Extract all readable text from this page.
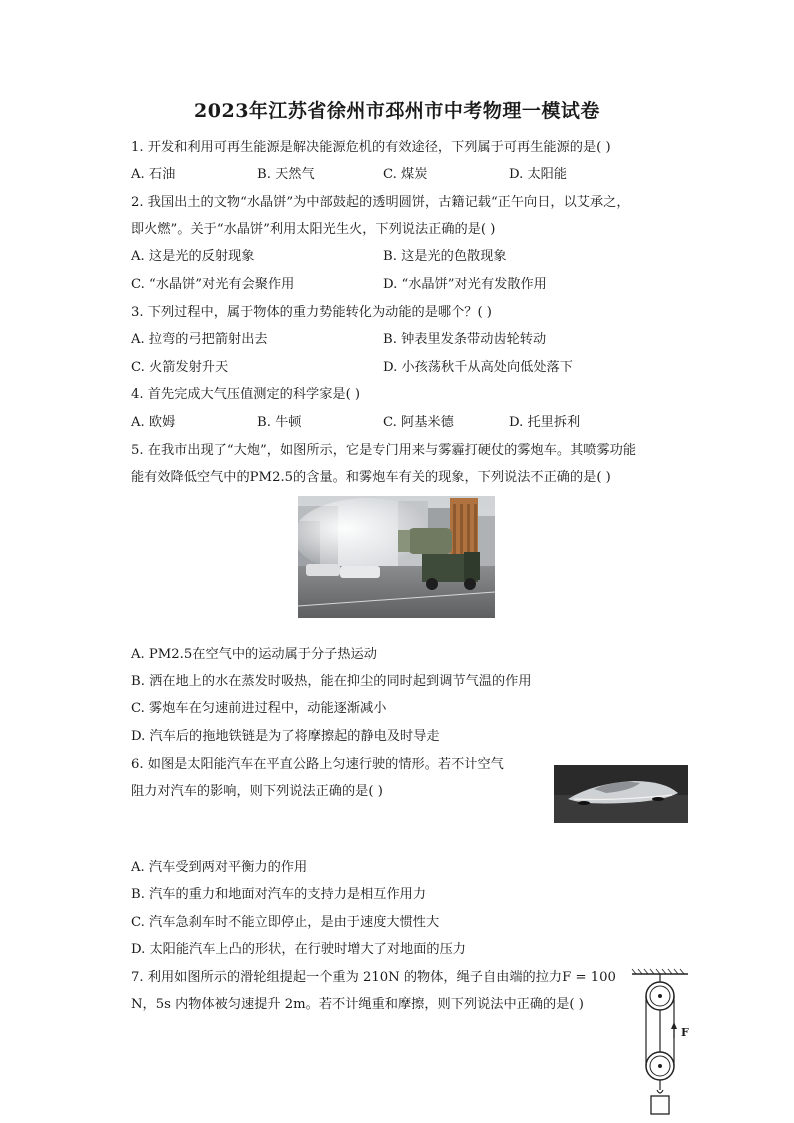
2023年江苏省徐州市邳州市中考物理一模试卷
1. 开发和利用可再生能源是解决能源危机的有效途径，下列属于可再生能源的是( )
A. 石油	B. 天然气	C. 煤炭	D. 太阳能
2. 我国出土的文物“水晶饼”为中部鼓起的透明圆饼，古籍记载“正午向日，以艾承之，
即火燃”。关于“水晶饼”利用太阳光生火，下列说法正确的是( )
A. 这是光的反射现象	B. 这是光的色散现象
C. “水晶饼”对光有会聚作用	D. “水晶饼”对光有发散作用
3. 下列过程中，属于物体的重力势能转化为动能的是哪个？( )
A. 拉弯的弓把箭射出去	B. 钟表里发条带动齿轮转动
C. 火箭发射升天	D. 小孩荡秋千从高处向低处落下
4. 首先完成大气压值测定的科学家是( )
A. 欧姆	B. 牛顿	C. 阿基米德	D. 托里拆利
5. 在我市出现了“大炮”，如图所示，它是专门用来与雾霾打硬仗的雾炮车。其喷雾功能
能有效降低空气中的PM2.5的含量。和雾炮车有关的现象，下列说法不正确的是( )
A. PM2.5在空气中的运动属于分子热运动
B. 洒在地上的水在蒸发时吸热，能在抑尘的同时起到调节气温的作用
C. 雾炮车在匀速前进过程中，动能逐渐减小
D. 汽车后的拖地铁链是为了将摩擦起的静电及时导走
6. 如图是太阳能汽车在平直公路上匀速行驶的情形。若不计空气
阻力对汽车的影响，则下列说法正确的是( )
A. 汽车受到两对平衡力的作用
B. 汽车的重力和地面对汽车的支持力是相互作用力
C. 汽车急刹车时不能立即停止，是由于速度大惯性大
D. 太阳能汽车上凸的形状，在行驶时增大了对地面的压力
7. 利用如图所示的滑轮组提起一个重为 210N 的物体，绳子自由端的拉力F = 100
N，5s 内物体被匀速提升 2m。若不计绳重和摩擦，则下列说法中正确的是( )
F
